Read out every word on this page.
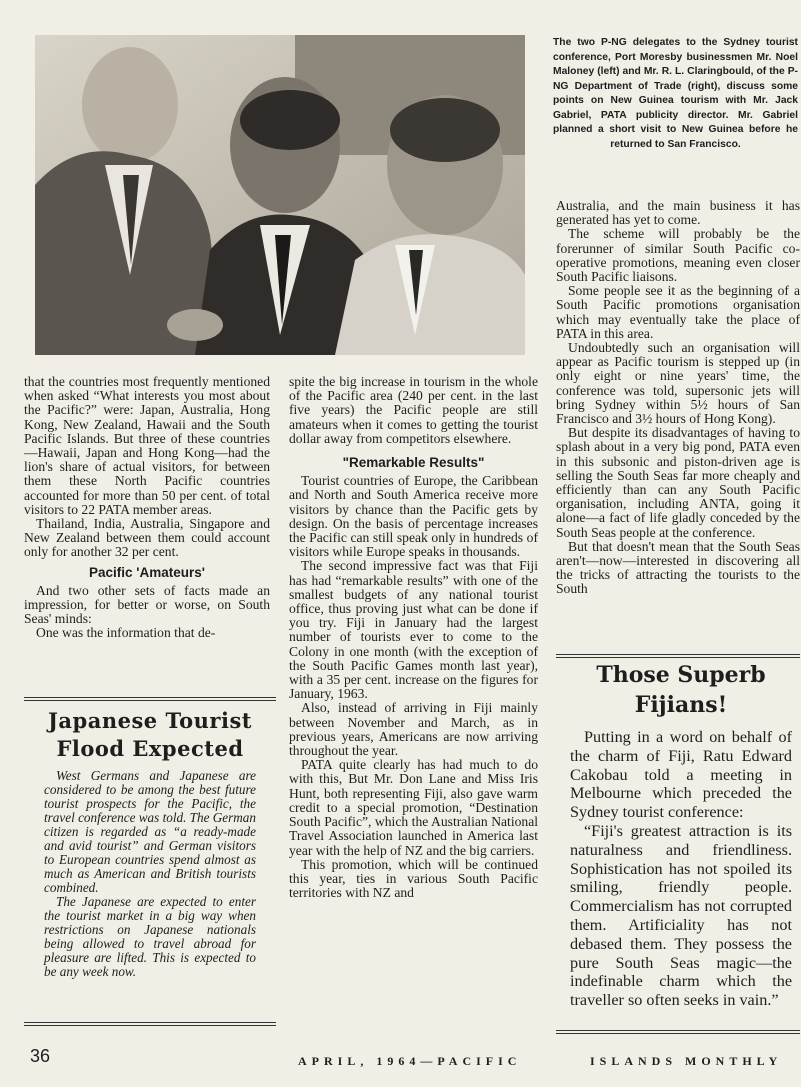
The two P-NG delegates to the Sydney tourist conference, Port Moresby businessmen Mr. Noel Maloney (left) and Mr. R. L. Claringbould, of the P-NG Department of Trade (right), discuss some points on New Guinea tourism with Mr. Jack Gabriel, PATA publicity director. Mr. Gabriel planned a short visit to New Guinea before he returned to San Francisco.

that the countries most frequently mentioned when asked “What interests you most about the Pacific?” were: Japan, Australia, Hong Kong, New Zealand, Hawaii and the South Pacific Islands. But three of these countries—Hawaii, Japan and Hong Kong—had the lion's share of actual visitors, for between them these North Pacific countries accounted for more than 50 per cent. of total visitors to 22 PATA member areas.

Thailand, India, Australia, Singapore and New Zealand between them could account only for another 32 per cent.

Pacific 'Amateurs'

And two other sets of facts made an impression, for better or worse, on South Seas' minds:

One was the information that de-

Japanese Tourist Flood Expected

West Germans and Japanese are considered to be among the best future tourist prospects for the Pacific, the travel conference was told. The German citizen is regarded as “a ready-made and avid tourist” and German visitors to European countries spend almost as much as American and British tourists combined.

The Japanese are expected to enter the tourist market in a big way when restrictions on Japanese nationals being allowed to travel abroad for pleasure are lifted. This is expected to be any week now.

spite the big increase in tourism in the whole of the Pacific area (240 per cent. in the last five years) the Pacific people are still amateurs when it comes to getting the tourist dollar away from competitors elsewhere.

"Remarkable Results"

Tourist countries of Europe, the Caribbean and North and South America receive more visitors by chance than the Pacific gets by design. On the basis of percentage increases the Pacific can still speak only in hundreds of visitors while Europe speaks in thousands.

The second impressive fact was that Fiji has had “remarkable results” with one of the smallest budgets of any national tourist office, thus proving just what can be done if you try. Fiji in January had the largest number of tourists ever to come to the Colony in one month (with the exception of the South Pacific Games month last year), with a 35 per cent. increase on the figures for January, 1963.

Also, instead of arriving in Fiji mainly between November and March, as in previous years, Americans are now arriving throughout the year.

PATA quite clearly has had much to do with this, But Mr. Don Lane and Miss Iris Hunt, both representing Fiji, also gave warm credit to a special promotion, “Destination South Pacific”, which the Australian National Travel Association launched in America last year with the help of NZ and the big carriers.

This promotion, which will be continued this year, ties in various South Pacific territories with NZ and

Australia, and the main business it has generated has yet to come.

The scheme will probably be the forerunner of similar South Pacific co-operative promotions, meaning even closer South Pacific liaisons.

Some people see it as the beginning of a South Pacific promotions organisation which may eventually take the place of PATA in this area.

Undoubtedly such an organisation will appear as Pacific tourism is stepped up (in only eight or nine years' time, the conference was told, supersonic jets will bring Sydney within 5½ hours of San Francisco and 3½ hours of Hong Kong).

But despite its disadvantages of having to splash about in a very big pond, PATA even in this subsonic and piston-driven age is selling the South Seas far more cheaply and efficiently than can any South Pacific organisation, including ANTA, going it alone—a fact of life gladly conceded by the South Seas people at the conference.

But that doesn't mean that the South Seas aren't—now—interested in discovering all the tricks of attracting the tourists to the South

Those Superb Fijians!

Putting in a word on behalf of the charm of Fiji, Ratu Edward Cakobau told a meeting in Melbourne which preceded the Sydney tourist conference:

“Fiji's greatest attraction is its naturalness and friendliness. Sophistication has not spoiled its smiling, friendly people. Commercialism has not corrupted them. Artificiality has not debased them. They possess the pure South Seas magic—the indefinable charm which the traveller so often seeks in vain.”

36	APRIL, 1964—PACIFIC	ISLANDS MONTHLY
